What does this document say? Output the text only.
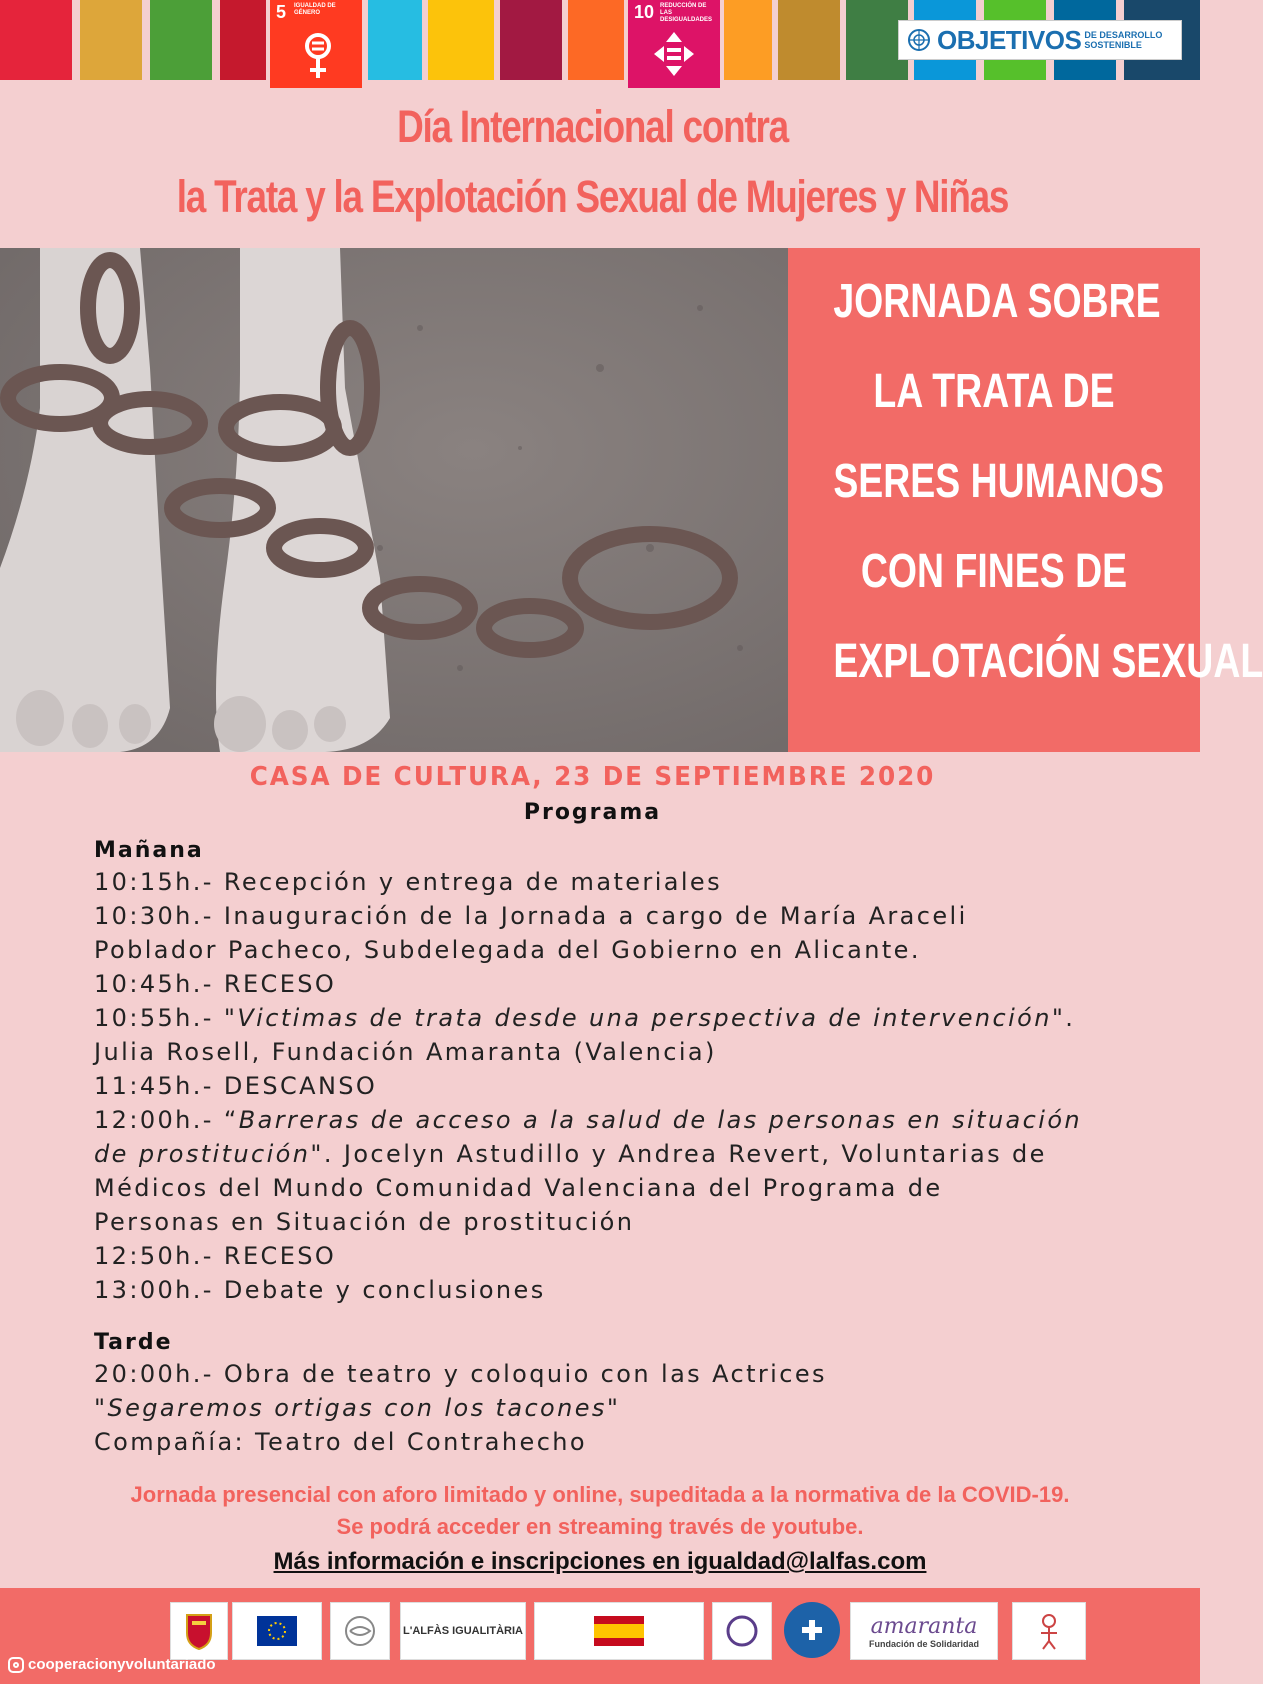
5 IGUALDAD DE GÉNERO	10 REDUCCIÓN DE LAS DESIGUALDADES
OBJETIVOS DE DESARROLLO
SOSTENIBLE
Día Internacional contra
la Trata y la Explotación Sexual de Mujeres y Niñas
JORNADA SOBRE
LA TRATA DE
SERES HUMANOS
CON FINES DE
EXPLOTACIÓN SEXUAL
CASA DE CULTURA, 23 DE SEPTIEMBRE 2020
Programa
Mañana
10:15h.- Recepción y entrega de materiales
10:30h.- Inauguración de la Jornada a cargo de María Araceli
Poblador Pacheco, Subdelegada del Gobierno en Alicante.
10:45h.- RECESO
10:55h.- "Victimas de trata desde una perspectiva de intervención".
Julia Rosell, Fundación Amaranta (Valencia)
11:45h.- DESCANSO
12:00h.- “Barreras de acceso a la salud de las personas en situación
de prostitución". Jocelyn Astudillo y Andrea Revert, Voluntarias de
Médicos del Mundo Comunidad Valenciana del Programa de
Personas en Situación de prostitución
12:50h.- RECESO
13:00h.- Debate y conclusiones
Tarde
20:00h.- Obra de teatro y coloquio con las Actrices
"Segaremos ortigas con los tacones"
Compañía: Teatro del Contrahecho
Jornada presencial con aforo limitado y online, supeditada a la normativa de la COVID-19.
Se podrá acceder en streaming través de youtube.
Más información e inscripciones en igualdad@lalfas.com
L'ALFÀS IGUALITÀRIA	amaranta
Fundación de Solidaridad
cooperacionyvoluntariado
